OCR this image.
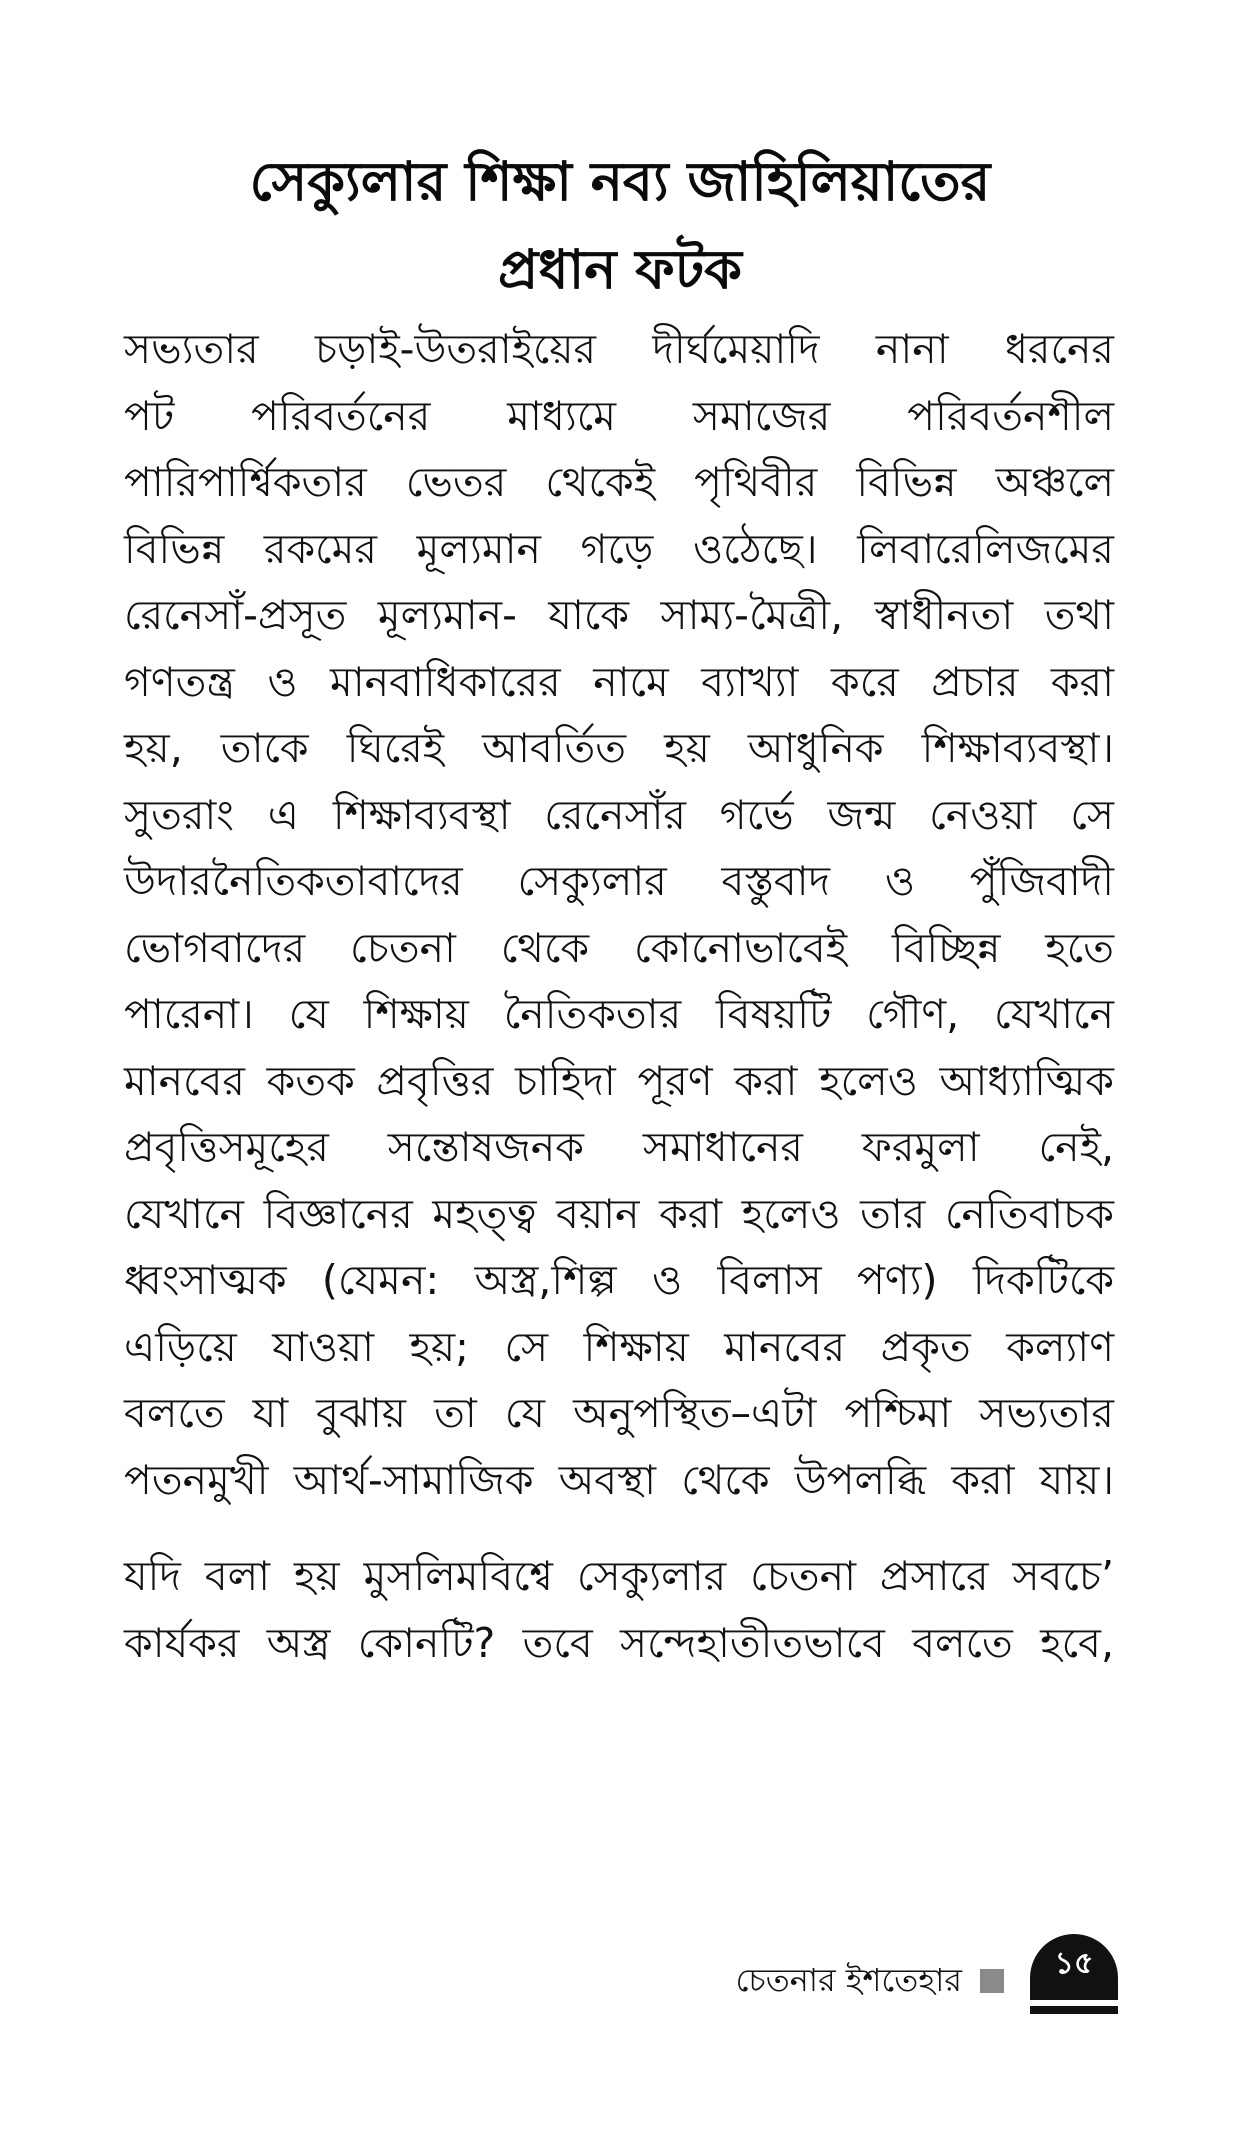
সেক্যুলার শিক্ষা নব্য জাহিলিয়াতের
প্রধান ফটক

সভ্যতার চড়াই-উতরাইয়ের দীর্ঘমেয়াদি নানা ধরনের
পট পরিবর্তনের মাধ্যমে সমাজের পরিবর্তনশীল
পারিপার্শ্বিকতার ভেতর থেকেই পৃথিবীর বিভিন্ন অঞ্চলে
বিভিন্ন রকমের মূল্যমান গড়ে ওঠেছে। লিবারেলিজমের
রেনেসাঁ-প্রসূত মূল্যমান- যাকে সাম্য-মৈত্রী, স্বাধীনতা তথা
গণতন্ত্র ও মানবাধিকারের নামে ব্যাখ্যা করে প্রচার করা
হয়, তাকে ঘিরেই আবর্তিত হয় আধুনিক শিক্ষাব্যবস্থা।
সুতরাং এ শিক্ষাব্যবস্থা রেনেসাঁর গর্ভে জন্ম নেওয়া সে
উদারনৈতিকতাবাদের সেক্যুলার বস্তুবাদ ও পুঁজিবাদী
ভোগবাদের চেতনা থেকে কোনোভাবেই বিচ্ছিন্ন হতে
পারেনা। যে শিক্ষায় নৈতিকতার বিষয়টি গৌণ, যেখানে
মানবের কতক প্রবৃত্তির চাহিদা পূরণ করা হলেও আধ্যাত্মিক
প্রবৃত্তিসমূহের সন্তোষজনক সমাধানের ফরমুলা নেই,
যেখানে বিজ্ঞানের মহত্ত্ব বয়ান করা হলেও তার নেতিবাচক
ধ্বংসাত্মক (যেমন: অস্ত্র,শিল্প ও বিলাস পণ্য) দিকটিকে
এড়িয়ে যাওয়া হয়; সে শিক্ষায় মানবের প্রকৃত কল্যাণ
বলতে যা বুঝায় তা যে অনুপস্থিত–এটা পশ্চিমা সভ্যতার
পতনমুখী আর্থ-সামাজিক অবস্থা থেকে উপলব্ধি করা যায়।

যদি বলা হয় মুসলিমবিশ্বে সেক্যুলার চেতনা প্রসারে সবচে’
কার্যকর অস্ত্র কোনটি? তবে সন্দেহাতীতভাবে বলতে হবে,

চেতনার ইশতেহার	১৫
